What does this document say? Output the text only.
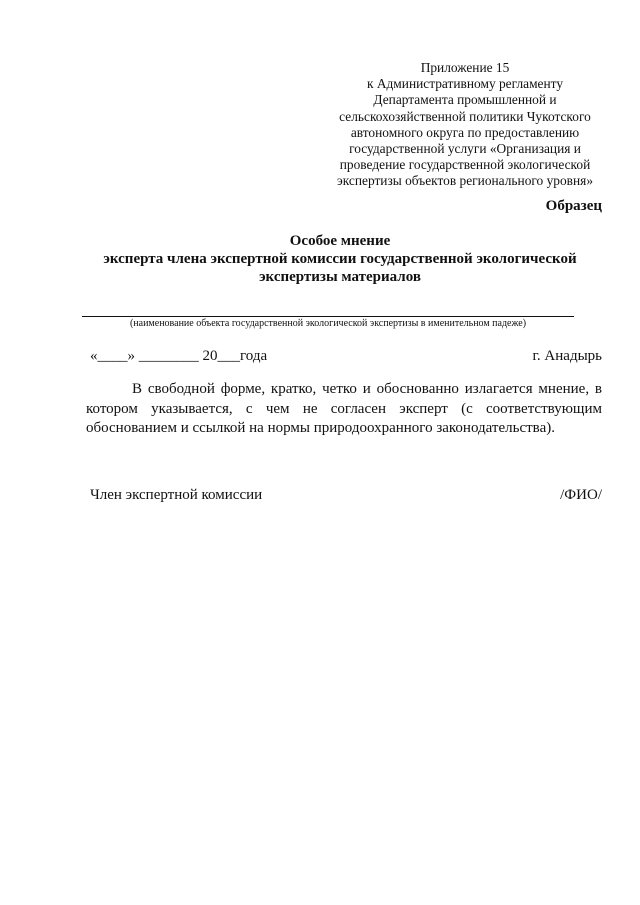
Приложение 15
к Административному регламенту
Департамента промышленной и
сельскохозяйственной политики Чукотского
автономного округа по предоставлению
государственной услуги «Организация и
проведение государственной экологической
экспертизы объектов регионального уровня»
Образец
Особое мнение
эксперта члена экспертной комиссии государственной экологической
экспертизы материалов
(наименование объекта государственной экологической экспертизы в именительном падеже)
«____» ________ 20___года	г. Анадырь
В свободной форме, кратко, четко и обоснованно излагается мнение, в
котором указывается, с чем не согласен эксперт (с соответствующим
обоснованием и ссылкой на нормы природоохранного законодательства).
Член экспертной комиссии	/ФИО/
